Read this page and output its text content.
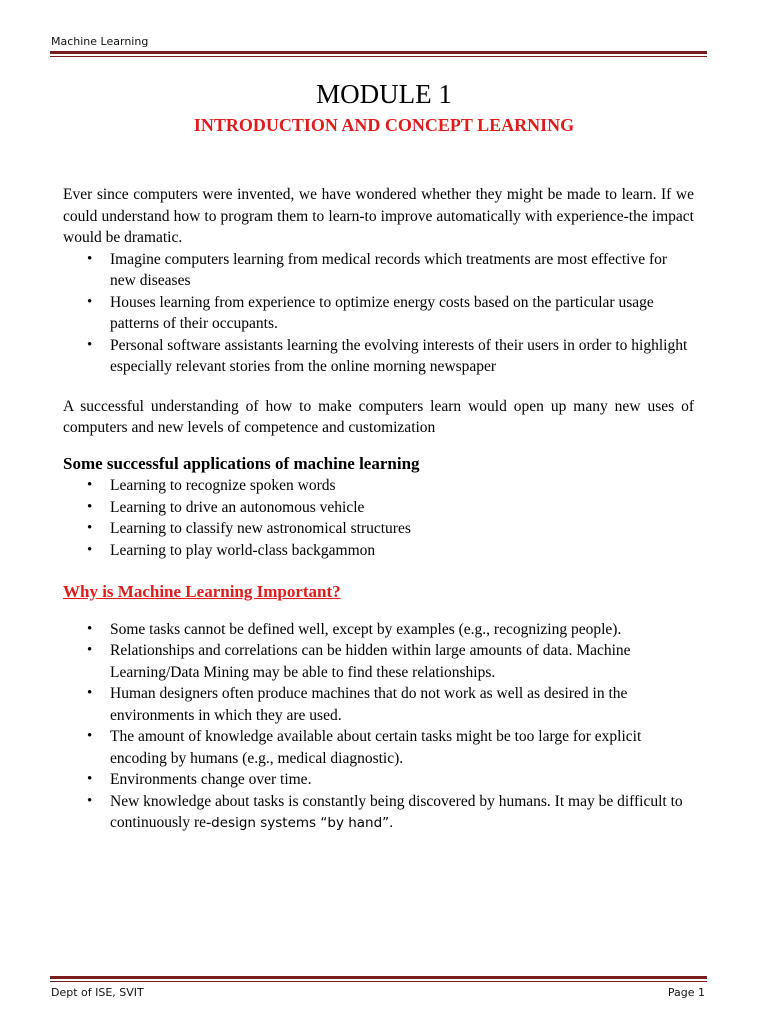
Machine Learning
MODULE 1
INTRODUCTION AND CONCEPT LEARNING

Ever since computers were invented, we have wondered whether they might be made to learn. If we could understand how to program them to learn-to improve automatically with experience-the impact would be dramatic.

• Imagine computers learning from medical records which treatments are most effective for new diseases
• Houses learning from experience to optimize energy costs based on the particular usage patterns of their occupants.
• Personal software assistants learning the evolving interests of their users in order to highlight especially relevant stories from the online morning newspaper

A successful understanding of how to make computers learn would open up many new uses of computers and new levels of competence and customization

Some successful applications of machine learning

• Learning to recognize spoken words
• Learning to drive an autonomous vehicle
• Learning to classify new astronomical structures
• Learning to play world-class backgammon

Why is Machine Learning Important?

• Some tasks cannot be defined well, except by examples (e.g., recognizing people).
• Relationships and correlations can be hidden within large amounts of data. Machine Learning/Data Mining may be able to find these relationships.
• Human designers often produce machines that do not work as well as desired in the environments in which they are used.
• The amount of knowledge available about certain tasks might be too large for explicit encoding by humans (e.g., medical diagnostic).
• Environments change over time.
• New knowledge about tasks is constantly being discovered by humans. It may be difficult to continuously re-design systems “by hand”.
Dept of ISE, SVIT	Page 1
